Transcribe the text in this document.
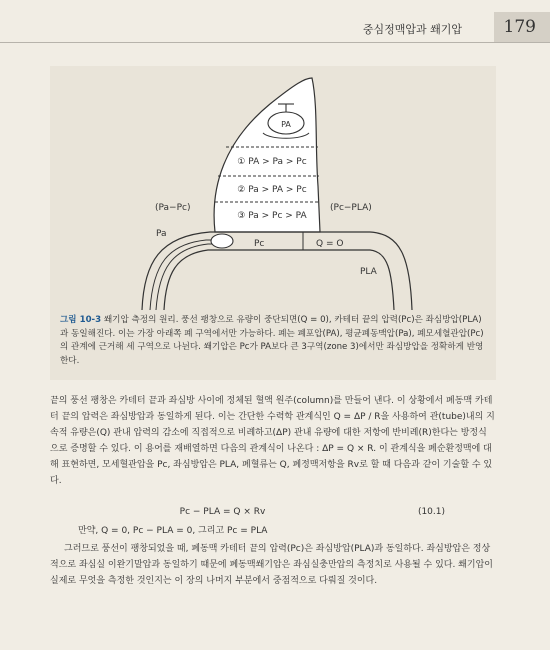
중심정맥압과 쐐기압 179
PA
① PA > Pa > Pc
② Pa > PA > Pc
③ Pa > Pc > PA
(Pa−Pc)	(Pc−PLA)
Pa
Pc	Q = O
PLA
그림 10-3 쐐기압 측정의 원리. 풍선 팽창으로 유량이 중단되면(Q = 0), 카테터 끝의 압력(Pc)은 좌심방압(PLA)과 동일해진다. 이는 가장 아래쪽 폐 구역에서만 가능하다. 폐는 폐포압(PA), 평균폐동맥압(Pa), 폐모세혈관압(Pc)의 관계에 근거해 세 구역으로 나뉜다. 쐐기압은 Pc가 PA보다 큰 3구역(zone 3)에서만 좌심방압을 정확하게 반영한다.

끝의 풍선 팽창은 카테터 끝과 좌심방 사이에 정체된 혈액 원주(column)를 만들어 낸다. 이 상황에서 폐동맥 카테터 끝의 압력은 좌심방압과 동일하게 된다. 이는 간단한 수력학 관계식인 Q = ΔP / R을 사용하여 관(tube)내의 지속적 유량은(Q) 관내 압력의 감소에 직접적으로 비례하고(ΔP) 관내 유량에 대한 저항에 반비례(R)한다는 방정식으로 증명할 수 있다. 이 용어를 재배열하면 다음의 관계식이 나온다 : ΔP = Q × R. 이 관계식을 폐순환정맥에 대해 표현하면, 모세혈관압을 Pc, 좌심방압은 PLA, 폐혈류는 Q, 폐정맥저항을 Rv로 할 때 다음과 같이 기술할 수 있다.

Pc − PLA = Q × Rv	(10.1)
만약, Q = 0, Pc − PLA = 0, 그리고 Pc = PLA

그러므로 풍선이 팽창되었을 때, 폐동맥 카테터 끝의 압력(Pc)은 좌심방압(PLA)과 동일하다. 좌심방압은 정상적으로 좌심실 이완기말압과 동일하기 때문에 폐동맥쐐기압은 좌심실충만압의 측정치로 사용될 수 있다. 쐐기압이 실제로 무엇을 측정한 것인지는 이 장의 나머지 부분에서 중점적으로 다뤄질 것이다.
